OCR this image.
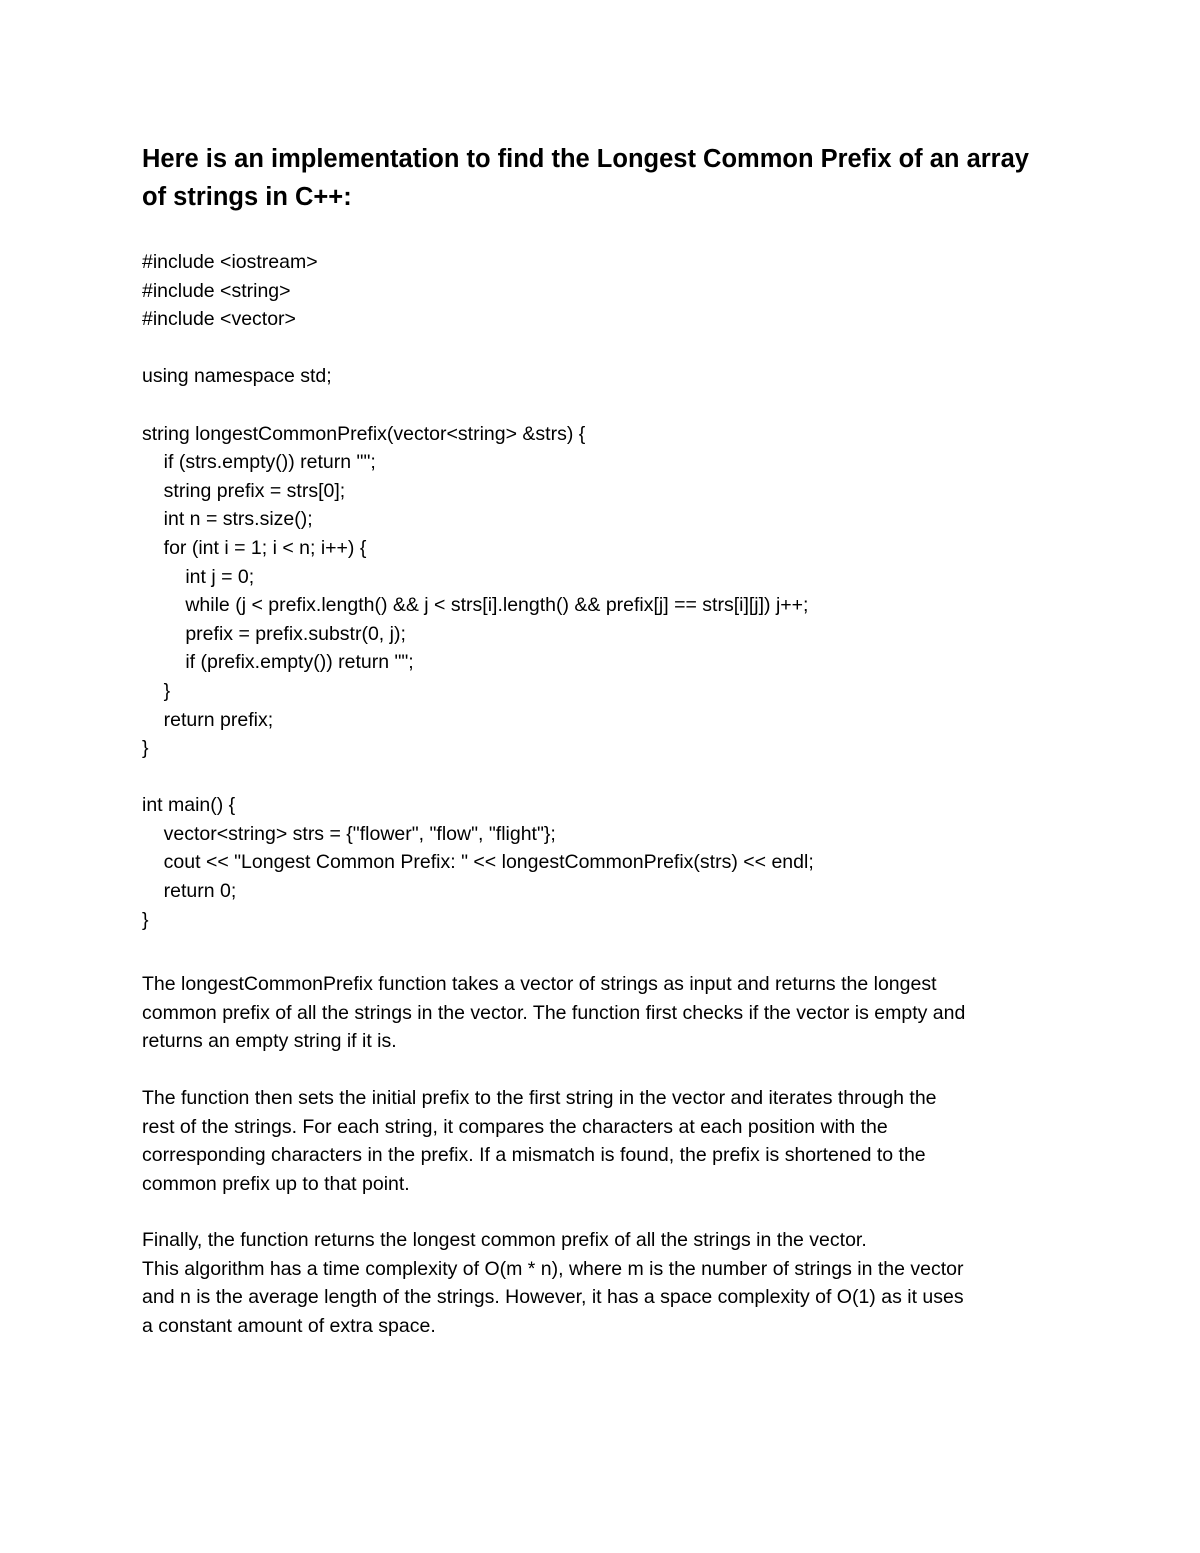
Here is an implementation to find the Longest Common Prefix of an array
of strings in C++:
#include <iostream>
#include <string>
#include <vector>
using namespace std;
string longestCommonPrefix(vector<string> &strs) {
if (strs.empty()) return "";
string prefix = strs[0];
int n = strs.size();
for (int i = 1; i < n; i++) {
int j = 0;
while (j < prefix.length() && j < strs[i].length() && prefix[j] == strs[i][j]) j++;
prefix = prefix.substr(0, j);
if (prefix.empty()) return "";
}
return prefix;
}
int main() {
vector<string> strs = {"flower", "flow", "flight"};
cout << "Longest Common Prefix: " << longestCommonPrefix(strs) << endl;
return 0;
}
The longestCommonPrefix function takes a vector of strings as input and returns the longest
common prefix of all the strings in the vector. The function first checks if the vector is empty and
returns an empty string if it is.
The function then sets the initial prefix to the first string in the vector and iterates through the
rest of the strings. For each string, it compares the characters at each position with the
corresponding characters in the prefix. If a mismatch is found, the prefix is shortened to the
common prefix up to that point.
Finally, the function returns the longest common prefix of all the strings in the vector.
This algorithm has a time complexity of O(m * n), where m is the number of strings in the vector
and n is the average length of the strings. However, it has a space complexity of O(1) as it uses
a constant amount of extra space.
